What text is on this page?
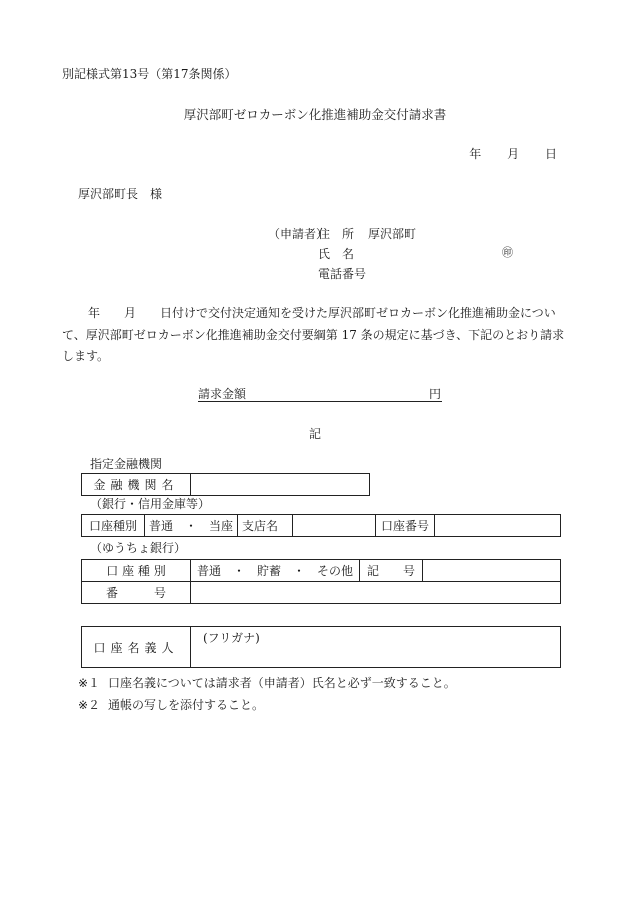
別記様式第13号（第17条関係）
厚沢部町ゼロカーボン化推進補助金交付請求書
年 月 日
厚沢部町長 様
（申請者）
住所 厚沢部町
氏名	㊞
電話番号
年　　月　　日付けで交付決定通知を受けた厚沢部町ゼロカーボン化推進補助金について、厚沢部町ゼロカーボン化推進補助金交付要綱第 17 条の規定に基づき、下記のとおり請求します。
請求金額	円
記
指定金融機関
金融機関名	
（銀行・信用金庫等）
口座種別	普通　・　当座	支店名		口座番号	
（ゆうちょ銀行）
口 座 種 別	普通　・　貯蓄　・　その他	記　　号	
番　　　号			
口座名義人	(フリガナ)
※１ 口座名義については請求者（申請者）氏名と必ず一致すること。
※２ 通帳の写しを添付すること。
